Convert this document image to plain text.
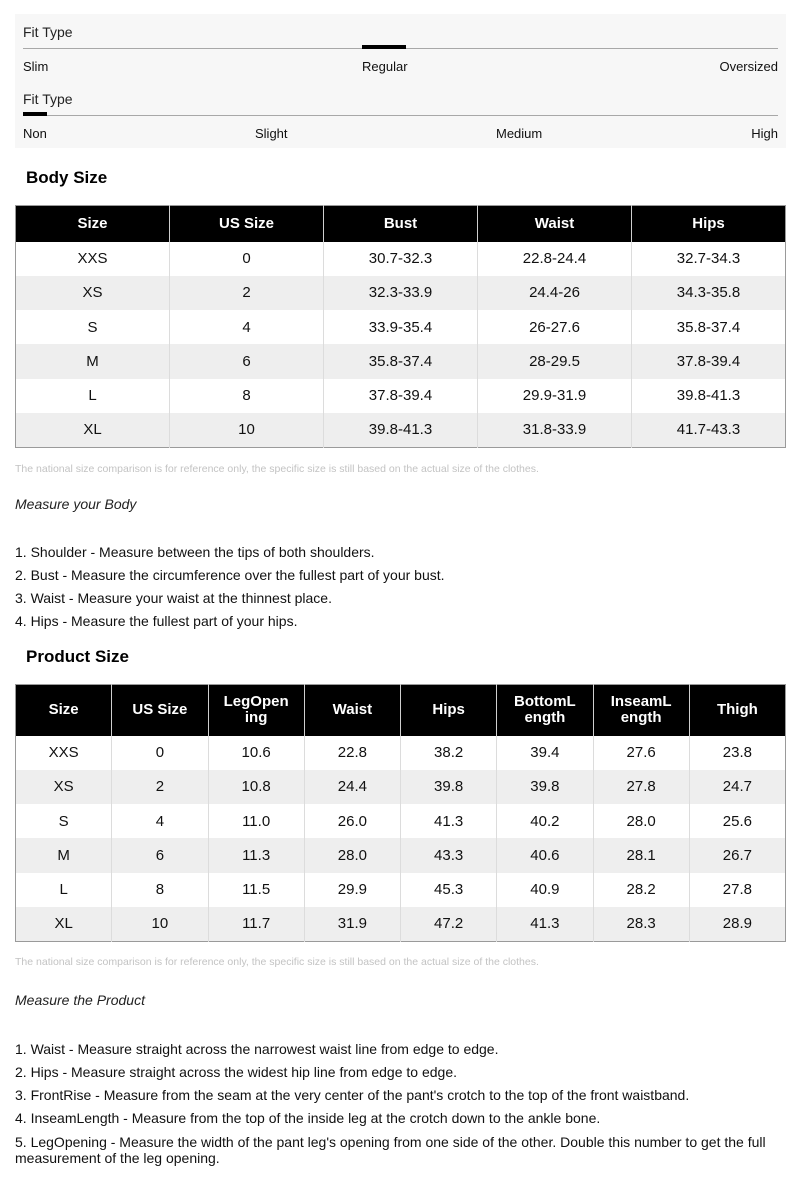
Fit Type
Slim	Regular	Oversized
Fit Type
Non	Slight	Medium	High
Body Size
Size	US Size	Bust	Waist	Hips
XXS	0	30.7-32.3	22.8-24.4	32.7-34.3
XS	2	32.3-33.9	24.4-26	34.3-35.8
S	4	33.9-35.4	26-27.6	35.8-37.4
M	6	35.8-37.4	28-29.5	37.8-39.4
L	8	37.8-39.4	29.9-31.9	39.8-41.3
XL	10	39.8-41.3	31.8-33.9	41.7-43.3
The national size comparison is for reference only, the specific size is still based on the actual size of the clothes.
Measure your Body
1. Shoulder - Measure between the tips of both shoulders.
2. Bust - Measure the circumference over the fullest part of your bust.
3. Waist - Measure your waist at the thinnest place.
4. Hips - Measure the fullest part of your hips.
Product Size
Size	US Size	LegOpen ing	Waist	Hips	BottomL ength	InseamL ength	Thigh
XXS	0	10.6	22.8	38.2	39.4	27.6	23.8
XS	2	10.8	24.4	39.8	39.8	27.8	24.7
S	4	11.0	26.0	41.3	40.2	28.0	25.6
M	6	11.3	28.0	43.3	40.6	28.1	26.7
L	8	11.5	29.9	45.3	40.9	28.2	27.8
XL	10	11.7	31.9	47.2	41.3	28.3	28.9
The national size comparison is for reference only, the specific size is still based on the actual size of the clothes.
Measure the Product
1. Waist - Measure straight across the narrowest waist line from edge to edge.
2. Hips - Measure straight across the widest hip line from edge to edge.
3. FrontRise - Measure from the seam at the very center of the pant's crotch to the top of the front waistband.
4. InseamLength - Measure from the top of the inside leg at the crotch down to the ankle bone.
5. LegOpening - Measure the width of the pant leg's opening from one side of the other. Double this number to get the full measurement of the leg opening.
